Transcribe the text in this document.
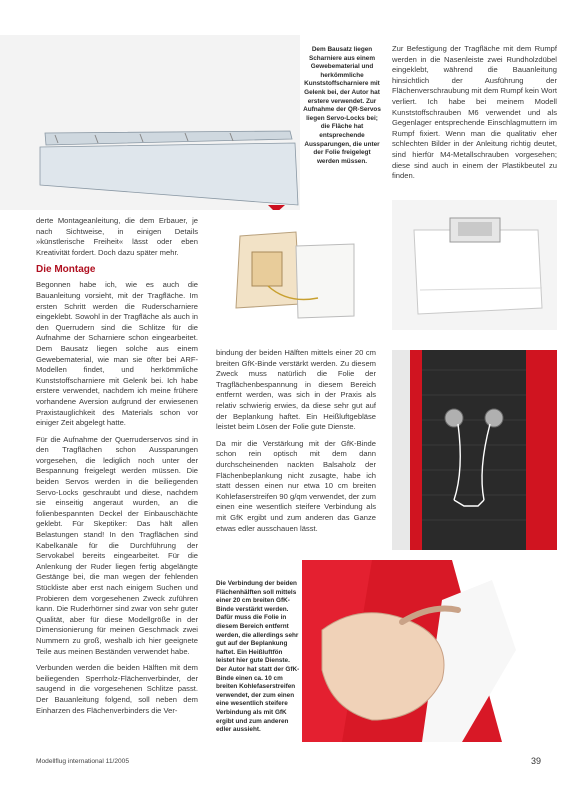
Dem Bausatz liegen Scharniere aus einem Gewebematerial und herkömmliche Kunststoffscharniere mit Gelenk bei, der Autor hat erstere verwendet. Zur Aufnahme der QR-Servos liegen Servo-Locks bei; die Fläche hat entsprechende Aussparungen, die unter der Folie freigelegt werden müssen.

Zur Befestigung der Tragfläche mit dem Rumpf werden in die Nasenleiste zwei Rundholzdübel eingeklebt, während die Bauanleitung hinsichtlich der Ausführung der Flächenverschraubung mit dem Rumpf kein Wort verliert. Ich habe bei meinem Modell Kunststoffschrauben M6 verwendet und als Gegenlager entsprechende Einschlagmuttern im Rumpf fixiert. Wenn man die qualitativ eher schlechten Bilder in der Anleitung richtig deutet, sind hierfür M4-Metallschrauben vorgesehen; diese sind auch in einem der Plastikbeutel zu finden.

derte Montageanleitung, die dem Erbauer, je nach Sichtweise, in einigen Details »künstlerische Freiheit« lässt oder eben Kreativität fordert. Doch dazu später mehr.

Die Montage

Begonnen habe ich, wie es auch die Bauanleitung vorsieht, mit der Tragfläche. Im ersten Schritt werden die Ruderscharniere eingeklebt. Sowohl in der Tragfläche als auch in den Querrudern sind die Schlitze für die Aufnahme der Scharniere schon eingearbeitet. Dem Bausatz liegen solche aus einem Gewebematerial, wie man sie öfter bei ARF-Modellen findet, und herkömmliche Kunststoffscharniere mit Gelenk bei. Ich habe erstere verwendet, nachdem ich meine frühere vorhandene Aversion aufgrund der erwiesenen Praxistauglichkeit des Materials schon vor einiger Zeit abgelegt hatte.

Für die Aufnahme der Querruderservos sind in den Tragflächen schon Aussparungen vorgesehen, die lediglich noch unter der Bespannung freigelegt werden müssen. Die beiden Servos werden in die beiliegenden Servo-Locks geschraubt und diese, nachdem sie einseitig angeraut wurden, an die folienbespannten Deckel der Einbauschächte geklebt. Für Skeptiker: Das hält allen Belastungen stand! In den Tragflächen sind Kabelkanäle für die Durchführung der Servokabel bereits eingearbeitet. Für die Anlenkung der Ruder liegen fertig abgelängte Gestänge bei, die man wegen der fehlenden Stückliste aber erst nach einigem Suchen und Probieren dem vorgesehenen Zweck zuführen kann. Die Ruderhörner sind zwar von sehr guter Qualität, aber für diese Modellgröße in der Dimensionierung für meinen Geschmack zwei Nummern zu groß, weshalb ich hier geeignete Teile aus meinen Beständen verwendet habe.

Verbunden werden die beiden Hälften mit dem beiliegenden Sperrholz-Flächenverbinder, der saugend in die vorgesehenen Schlitze passt. Der Bauanleitung folgend, soll neben dem Einharzen des Flächenverbinders die Ver-

bindung der beiden Hälften mittels einer 20 cm breiten GfK-Binde verstärkt werden. Zu diesem Zweck muss natürlich die Folie der Tragflächenbespannung in diesem Bereich entfernt werden, was sich in der Praxis als relativ schwierig erwies, da diese sehr gut auf der Beplankung haftet. Ein Heißluftgebläse leistet beim Lösen der Folie gute Dienste.

Da mir die Verstärkung mit der GfK-Binde schon rein optisch mit dem dann durchscheinenden nackten Balsaholz der Flächenbeplankung nicht zusagte, habe ich statt dessen einen nur etwa 10 cm breiten Kohlefaserstreifen 90 g/qm verwendet, der zum einen eine wesentlich steifere Verbindung als mit GfK ergibt und zum anderen das Ganze etwas edler ausschauen lässt.

Die Verbindung der beiden Flächenhälften soll mittels einer 20 cm breiten GfK-Binde verstärkt werden. Dafür muss die Folie in diesem Bereich entfernt werden, die allerdings sehr gut auf der Beplankung haftet. Ein Heißluftfön leistet hier gute Dienste. Der Autor hat statt der GfK-Binde einen ca. 10 cm breiten Kohlefaserstreifen verwendet, der zum einen eine wesentlich steifere Verbindung als mit GfK ergibt und zum anderen edler aussieht.
Modellflug international 11/2005	39
